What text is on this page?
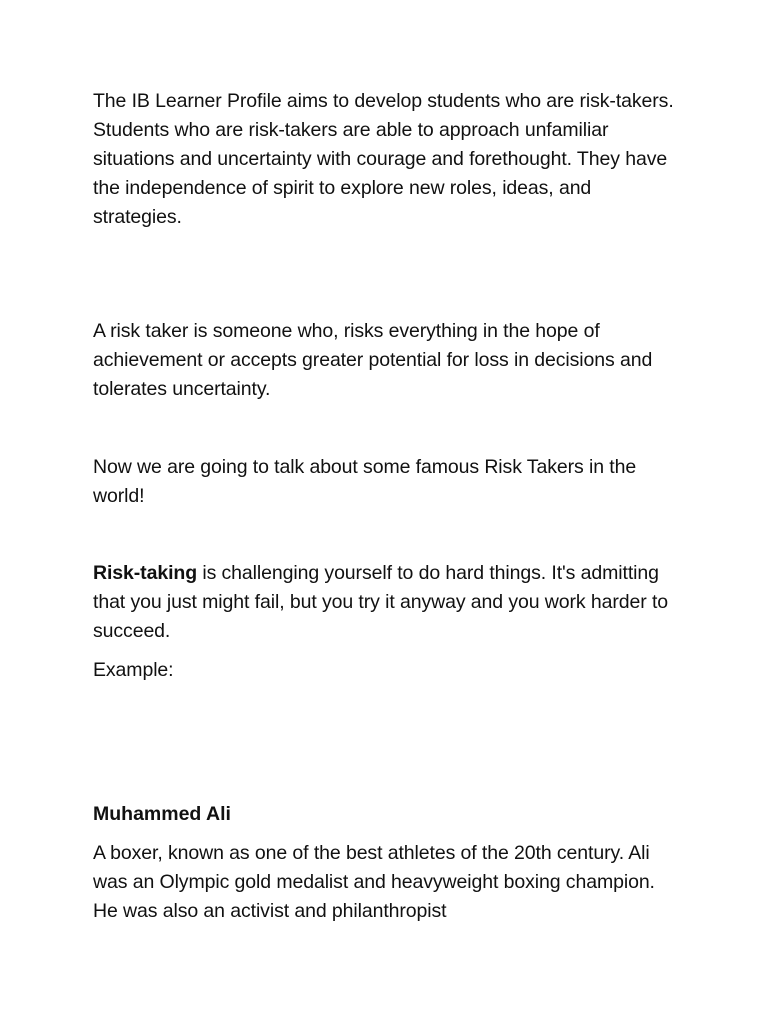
The IB Learner Profile aims to develop students who are risk-takers. Students who are risk-takers are able to approach unfamiliar situations and uncertainty with courage and forethought. They have the independence of spirit to explore new roles, ideas, and strategies.

A risk taker is someone who, risks everything in the hope of achievement or accepts greater potential for loss in decisions and tolerates uncertainty.

Now we are going to talk about some famous Risk Takers in the world!

Risk-taking is challenging yourself to do hard things. It's admitting that you just might fail, but you try it anyway and you work harder to succeed.

Example:

Muhammed Ali

A boxer, known as one of the best athletes of the 20th century. Ali was an Olympic gold medalist and heavyweight boxing champion. He was also an activist and philanthropist
